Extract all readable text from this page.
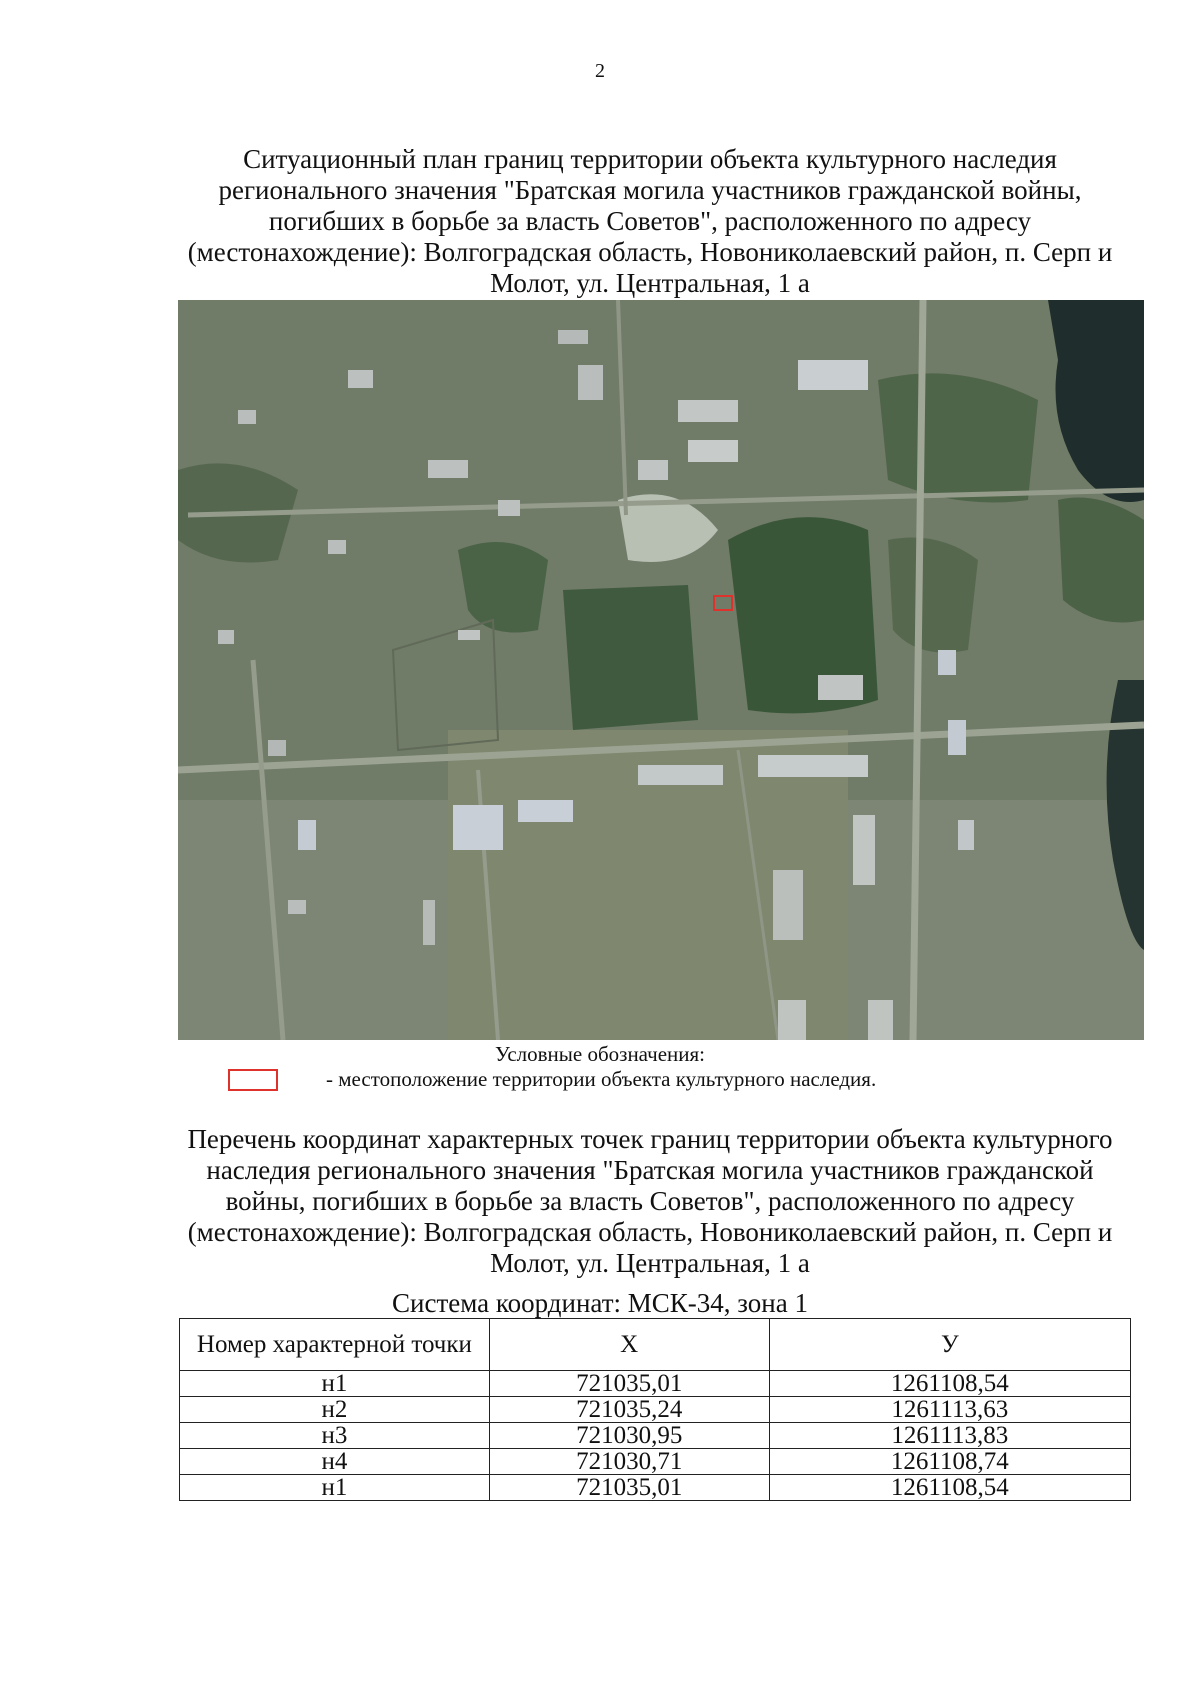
2
Ситуационный план границ территории объекта культурного наследия регионального значения "Братская могила участников гражданской войны, погибших в борьбе за власть Советов", расположенного по адресу (местонахождение): Волгоградская область, Новониколаевский район, п. Серп и Молот, ул. Центральная, 1 а
Условные обозначения:
- местоположение территории объекта культурного наследия.
Перечень координат характерных точек границ территории объекта культурного наследия регионального значения "Братская могила участников гражданской войны, погибших в борьбе за власть Советов", расположенного по адресу (местонахождение): Волгоградская область, Новониколаевский район, п. Серп и Молот, ул. Центральная, 1 а
Система координат: МСК-34, зона 1
Номер характерной точки	X	У
н1	721035,01	1261108,54
н2	721035,24	1261113,63
н3	721030,95	1261113,83
н4	721030,71	1261108,74
н1	721035,01	1261108,54
